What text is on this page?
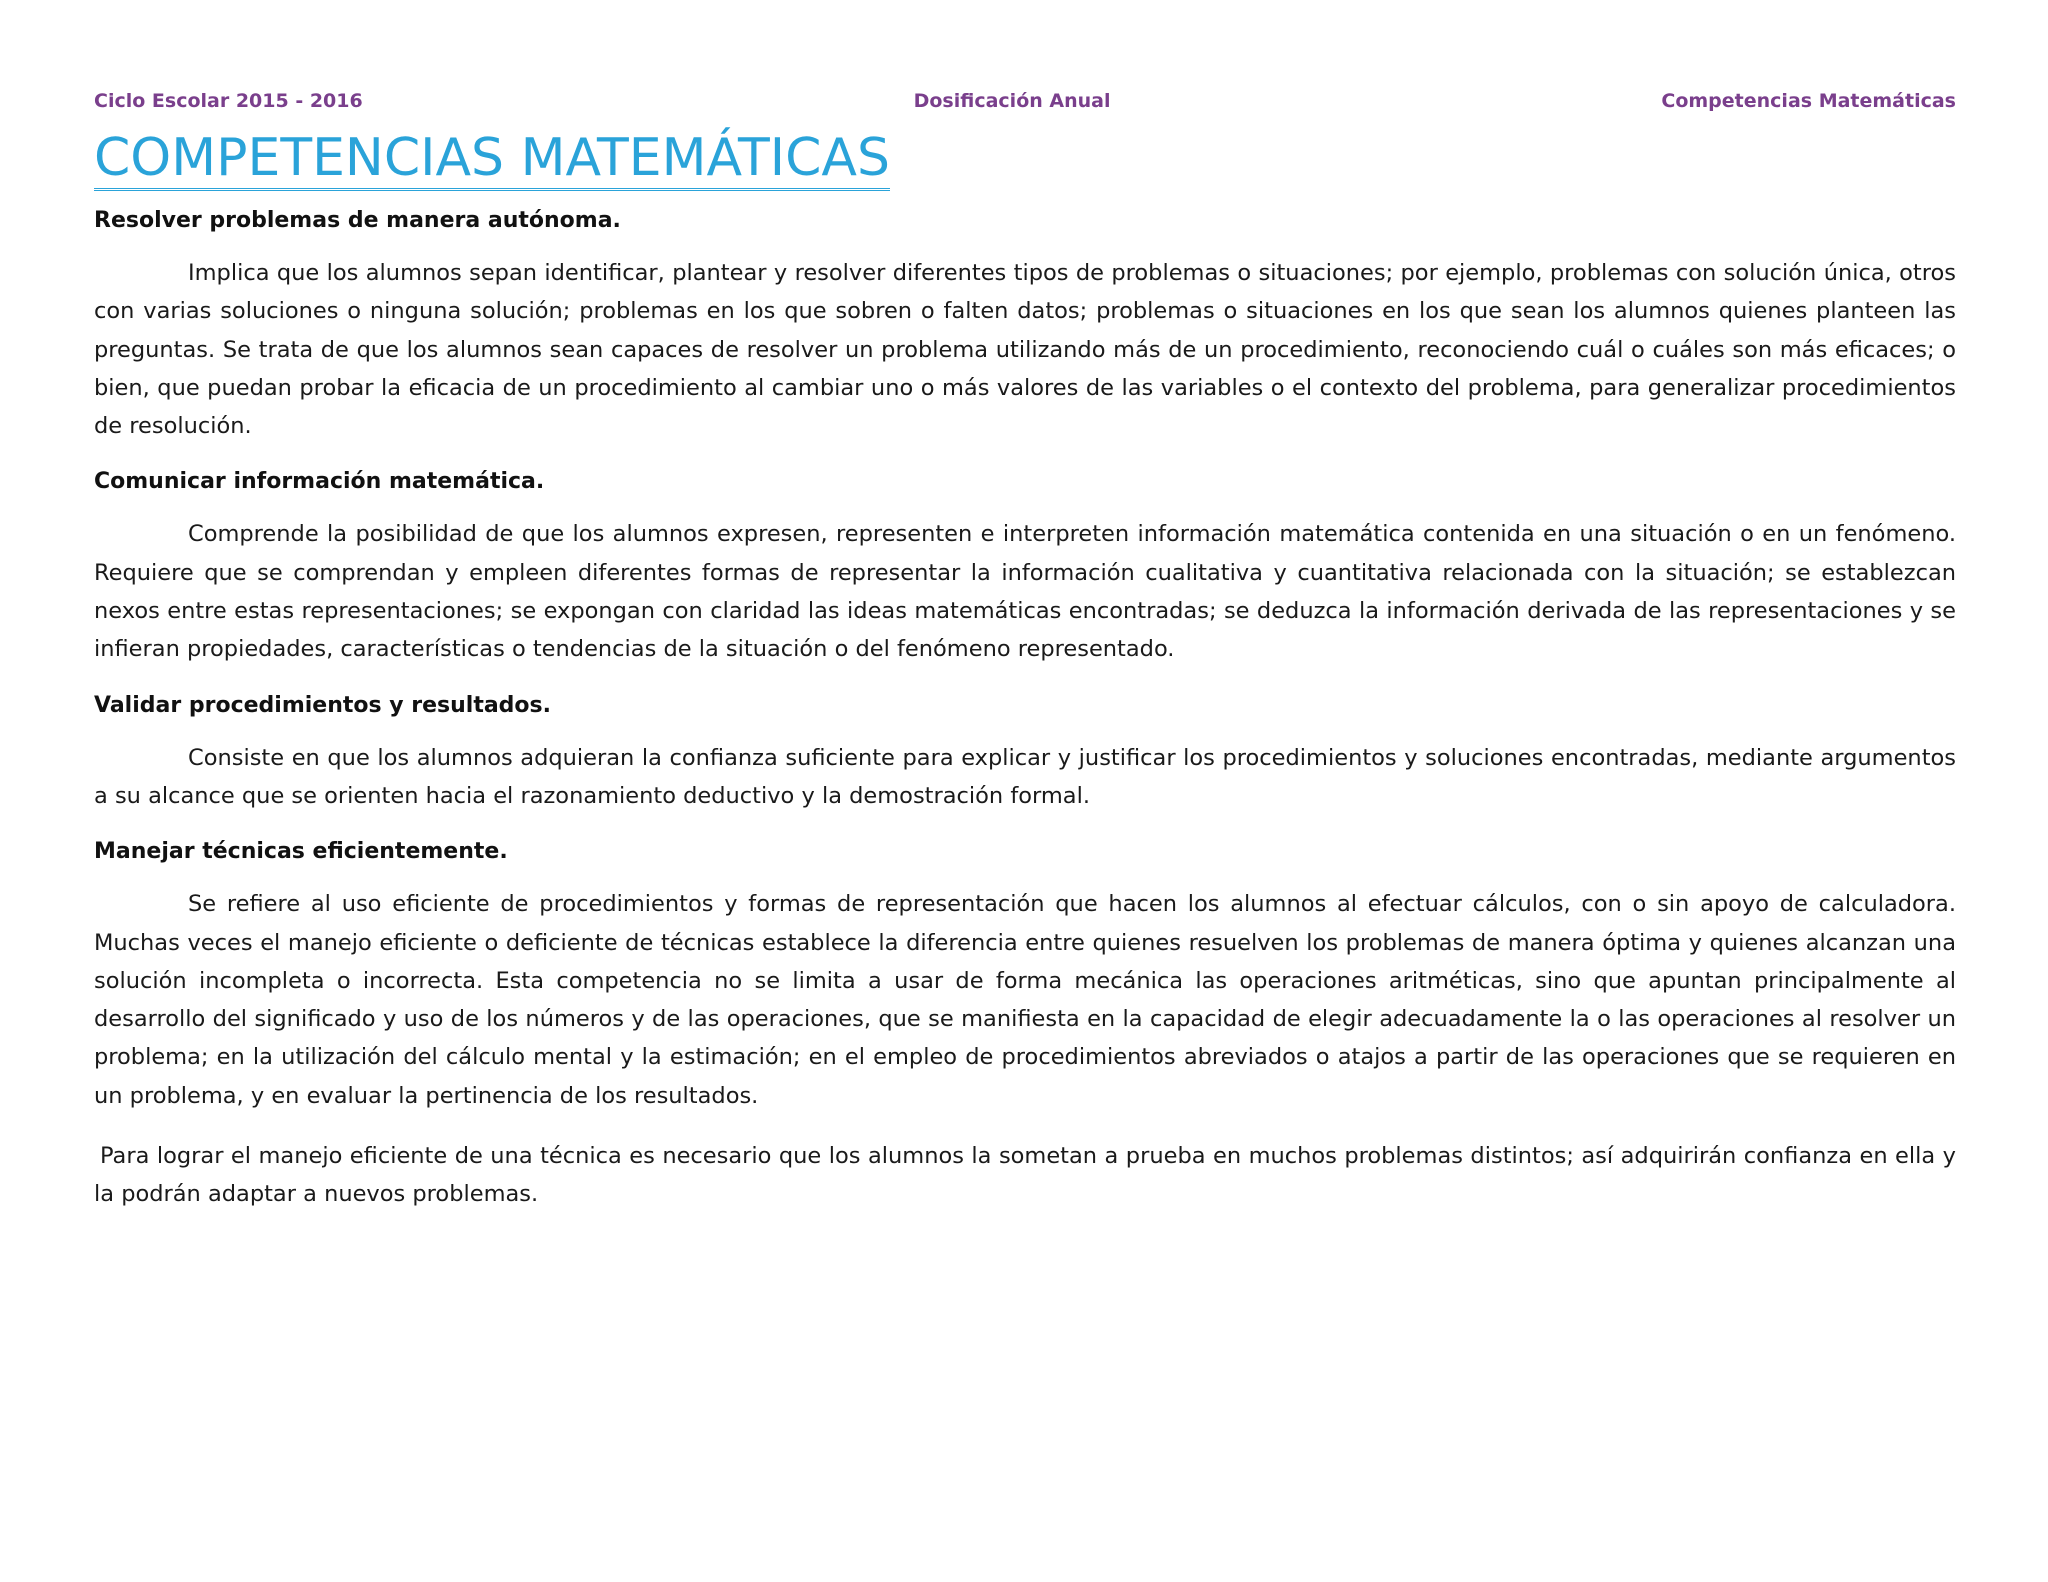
Ciclo Escolar 2015 - 2016	Dosificación Anual	Competencias Matemáticas
COMPETENCIAS MATEMÁTICAS
Resolver problemas de manera autónoma.

Implica que los alumnos sepan identificar, plantear y resolver diferentes tipos de problemas o situaciones; por ejemplo, problemas con solución única, otros con varias soluciones o ninguna solución; problemas en los que sobren o falten datos; problemas o situaciones en los que sean los alumnos quienes planteen las preguntas. Se trata de que los alumnos sean capaces de resolver un problema utilizando más de un procedimiento, reconociendo cuál o cuáles son más eficaces; o bien, que puedan probar la eficacia de un procedimiento al cambiar uno o más valores de las variables o el contexto del problema, para generalizar procedimientos de resolución.

Comunicar información matemática.

Comprende la posibilidad de que los alumnos expresen, representen e interpreten información matemática contenida en una situación o en un fenómeno. Requiere que se comprendan y empleen diferentes formas de representar la información cualitativa y cuantitativa relacionada con la situación; se establezcan nexos entre estas representaciones; se expongan con claridad las ideas matemáticas encontradas; se deduzca la información derivada de las representaciones y se infieran propiedades, características o tendencias de la situación o del fenómeno representado.

Validar procedimientos y resultados.

Consiste en que los alumnos adquieran la confianza suficiente para explicar y justificar los procedimientos y soluciones encontradas, mediante argumentos a su alcance que se orienten hacia el razonamiento deductivo y la demostración formal.

Manejar técnicas eficientemente.

Se refiere al uso eficiente de procedimientos y formas de representación que hacen los alumnos al efectuar cálculos, con o sin apoyo de calculadora. Muchas veces el manejo eficiente o deficiente de técnicas establece la diferencia entre quienes resuelven los problemas de manera óptima y quienes alcanzan una solución incompleta o incorrecta. Esta competencia no se limita a usar de forma mecánica las operaciones aritméticas, sino que apuntan principalmente al desarrollo del significado y uso de los números y de las operaciones, que se manifiesta en la capacidad de elegir adecuadamente la o las operaciones al resolver un problema; en la utilización del cálculo mental y la estimación; en el empleo de procedimientos abreviados o atajos a partir de las operaciones que se requieren en un problema, y en evaluar la pertinencia de los resultados.

Para lograr el manejo eficiente de una técnica es necesario que los alumnos la sometan a prueba en muchos problemas distintos; así adquirirán confianza en ella y la podrán adaptar a nuevos problemas.
